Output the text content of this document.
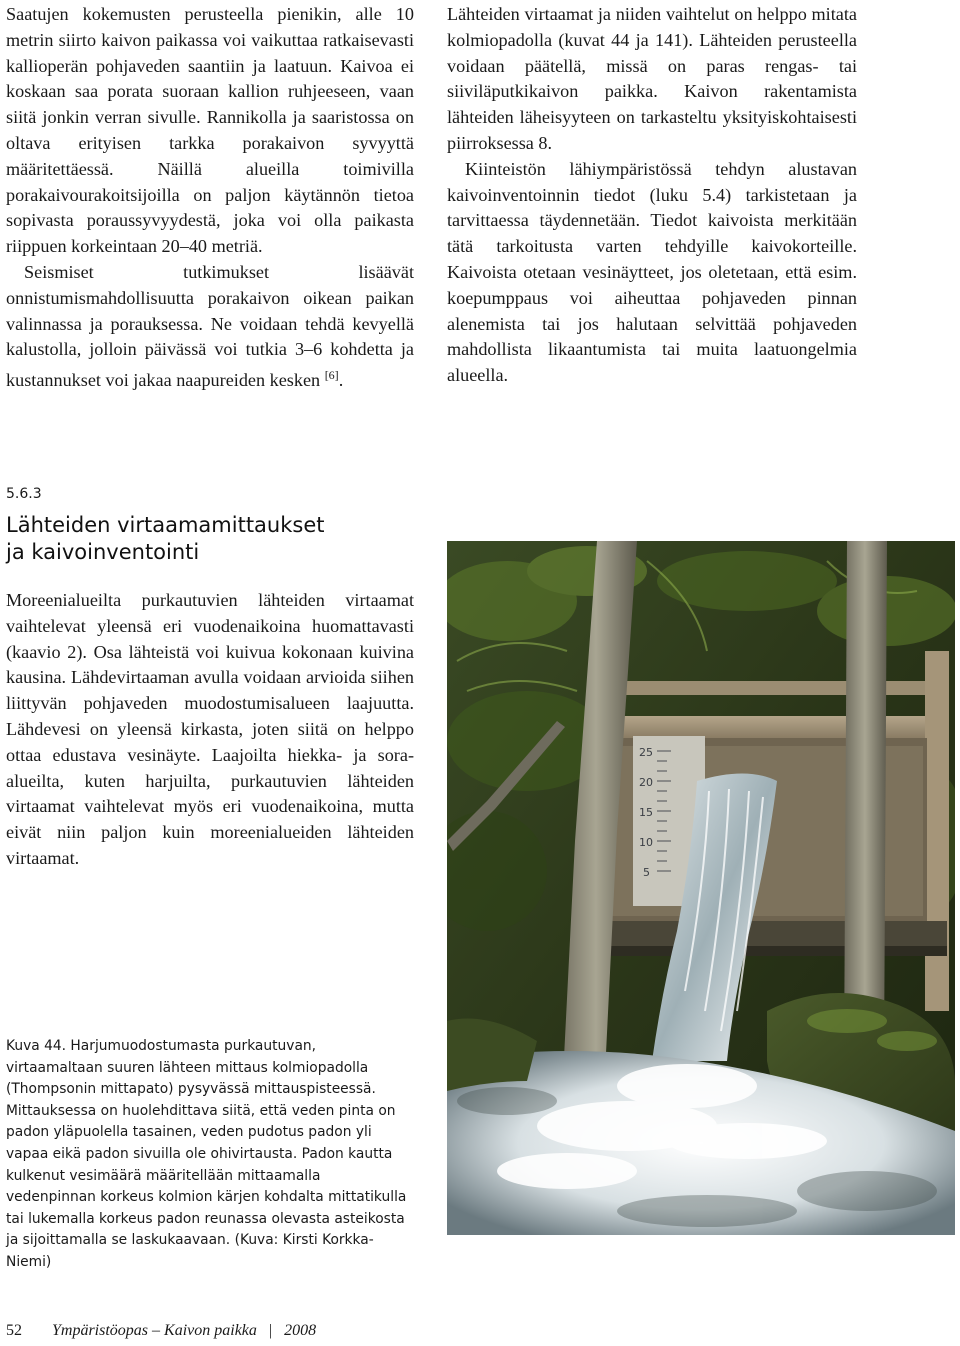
Saatujen kokemusten perusteella pienikin, alle 10 metrin siirto kaivon paikassa voi vaikuttaa ratkaisevasti kallioperän pohjaveden saantiin ja laatuun. Kaivoa ei koskaan saa porata suoraan kallion ruhjeeseen, vaan siitä jonkin verran sivulle. Rannikolla ja saaristossa on oltava erityisen tarkka porakaivon syvyyttä määritettäessä. Näillä alueilla toimivilla porakaivourakoitsijoilla on paljon käytännön tietoa sopivasta poraussyvyydestä, joka voi olla paikasta riippuen korkeintaan 20–40 metriä.

Seismiset tutkimukset lisäävät onnistumismahdollisuutta porakaivon oikean paikan valinnassa ja porauksessa. Ne voidaan tehdä kevyellä kalustolla, jolloin päivässä voi tutkia 3–6 kohdetta ja kustannukset voi jakaa naapureiden kesken [6].

Lähteiden virtaamat ja niiden vaihtelut on helppo mitata kolmiopadolla (kuvat 44 ja 141). Lähteiden perusteella voidaan päätellä, missä on paras rengas- tai siiviläputkikaivon paikka. Kaivon rakentamista lähteiden läheisyyteen on tarkasteltu yksityiskohtaisesti piirroksessa 8.

Kiinteistön lähiympäristössä tehdyn alustavan kaivoinventoinnin tiedot (luku 5.4) tarkistetaan ja tarvittaessa täydennetään. Tiedot kaivoista merkitään tätä tarkoitusta varten tehdyille kaivokorteille. Kaivoista otetaan vesinäytteet, jos oletetaan, että esim. koepumppaus voi aiheuttaa pohjaveden pinnan alenemista tai jos halutaan selvittää pohjaveden mahdollista likaantumista tai muita laatuongelmia alueella.

5.6.3

Lähteiden virtaamamittaukset
ja kaivoinventointi

Moreenialueilta purkautuvien lähteiden virtaamat vaihtelevat yleensä eri vuodenaikoina huomattavasti (kaavio 2). Osa lähteistä voi kuivua kokonaan kuivina kausina. Lähdevirtaaman avulla voidaan arvioida siihen liittyvän pohjaveden muodostumisalueen laajuutta. Lähdevesi on yleensä kirkasta, joten siitä on helppo ottaa edustava vesinäyte. Laajoilta hiekka- ja sora-alueilta, kuten harjuilta, purkautuvien lähteiden virtaamat vaihtelevat myös eri vuodenaikoina, mutta eivät niin paljon kuin moreenialueiden lähteiden virtaamat.

25
20
15
10
5

Kuva 44. Harjumuodostumasta purkautuvan, virtaamaltaan suuren lähteen mittaus kolmiopadolla (Thompsonin mittapato) pysyvässä mittauspisteessä. Mittauksessa on huolehdittava siitä, että veden pinta on padon yläpuolella tasainen, veden pudotus padon yli vapaa eikä padon sivuilla ole ohivirtausta. Padon kautta kulkenut vesimäärä määritellään mittaamalla vedenpinnan korkeus kolmion kärjen kohdalta mittatikulla tai lukemalla korkeus padon reunassa olevasta asteikosta ja sijoittamalla se laskukaavaan. (Kuva: Kirsti Korkka-Niemi)

52 Ympäristöopas – Kaivon paikka | 2008
